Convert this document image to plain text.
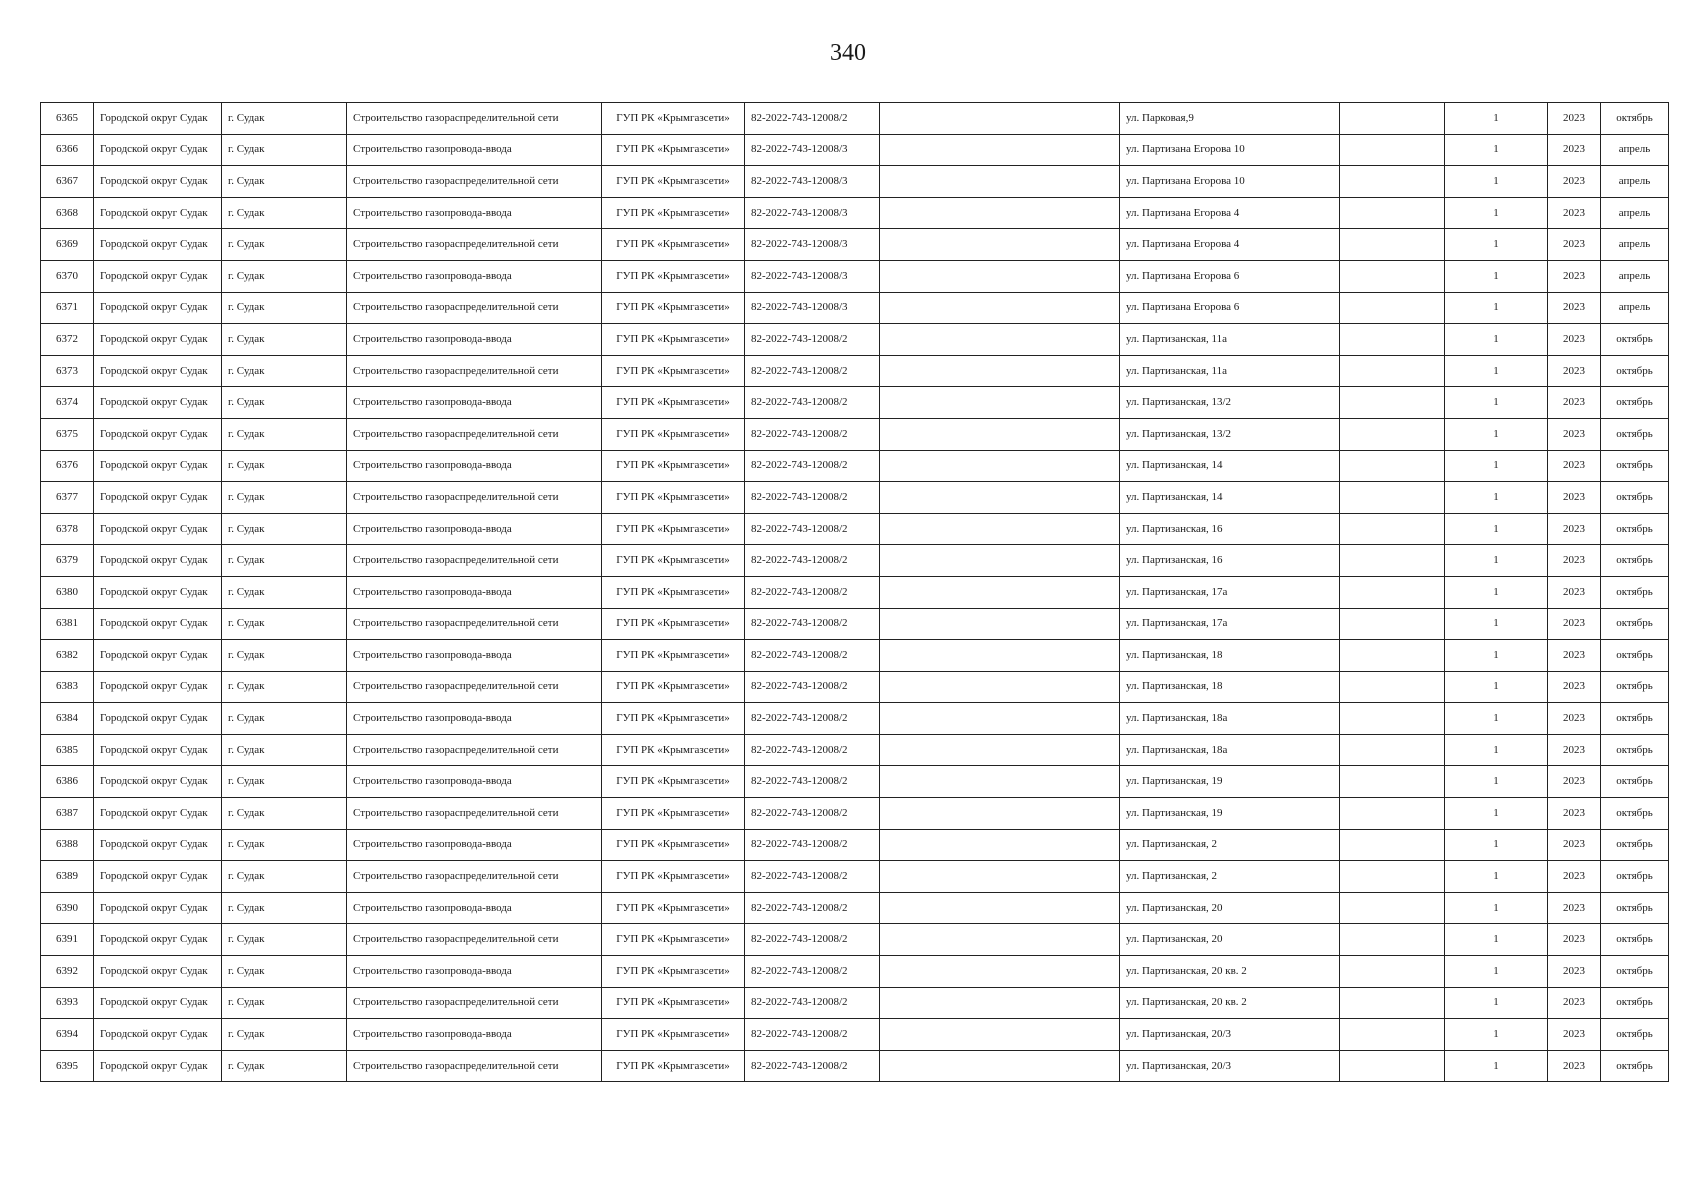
340
6365	Городской округ Судак	г. Судак	Строительство газораспределительной сети	ГУП РК «Крымгазсети»	82-2022-743-12008/2		ул. Парковая,9		1	2023	октябрь
6366	Городской округ Судак	г. Судак	Строительство газопровода-ввода	ГУП РК «Крымгазсети»	82-2022-743-12008/3		ул. Партизана Егорова 10		1	2023	апрель
6367	Городской округ Судак	г. Судак	Строительство газораспределительной сети	ГУП РК «Крымгазсети»	82-2022-743-12008/3		ул. Партизана Егорова 10		1	2023	апрель
6368	Городской округ Судак	г. Судак	Строительство газопровода-ввода	ГУП РК «Крымгазсети»	82-2022-743-12008/3		ул. Партизана Егорова 4		1	2023	апрель
6369	Городской округ Судак	г. Судак	Строительство газораспределительной сети	ГУП РК «Крымгазсети»	82-2022-743-12008/3		ул. Партизана Егорова 4		1	2023	апрель
6370	Городской округ Судак	г. Судак	Строительство газопровода-ввода	ГУП РК «Крымгазсети»	82-2022-743-12008/3		ул. Партизана Егорова 6		1	2023	апрель
6371	Городской округ Судак	г. Судак	Строительство газораспределительной сети	ГУП РК «Крымгазсети»	82-2022-743-12008/3		ул. Партизана Егорова 6		1	2023	апрель
6372	Городской округ Судак	г. Судак	Строительство газопровода-ввода	ГУП РК «Крымгазсети»	82-2022-743-12008/2		ул. Партизанская, 11а		1	2023	октябрь
6373	Городской округ Судак	г. Судак	Строительство газораспределительной сети	ГУП РК «Крымгазсети»	82-2022-743-12008/2		ул. Партизанская, 11а		1	2023	октябрь
6374	Городской округ Судак	г. Судак	Строительство газопровода-ввода	ГУП РК «Крымгазсети»	82-2022-743-12008/2		ул. Партизанская, 13/2		1	2023	октябрь
6375	Городской округ Судак	г. Судак	Строительство газораспределительной сети	ГУП РК «Крымгазсети»	82-2022-743-12008/2		ул. Партизанская, 13/2		1	2023	октябрь
6376	Городской округ Судак	г. Судак	Строительство газопровода-ввода	ГУП РК «Крымгазсети»	82-2022-743-12008/2		ул. Партизанская, 14		1	2023	октябрь
6377	Городской округ Судак	г. Судак	Строительство газораспределительной сети	ГУП РК «Крымгазсети»	82-2022-743-12008/2		ул. Партизанская, 14		1	2023	октябрь
6378	Городской округ Судак	г. Судак	Строительство газопровода-ввода	ГУП РК «Крымгазсети»	82-2022-743-12008/2		ул. Партизанская, 16		1	2023	октябрь
6379	Городской округ Судак	г. Судак	Строительство газораспределительной сети	ГУП РК «Крымгазсети»	82-2022-743-12008/2		ул. Партизанская, 16		1	2023	октябрь
6380	Городской округ Судак	г. Судак	Строительство газопровода-ввода	ГУП РК «Крымгазсети»	82-2022-743-12008/2		ул. Партизанская, 17а		1	2023	октябрь
6381	Городской округ Судак	г. Судак	Строительство газораспределительной сети	ГУП РК «Крымгазсети»	82-2022-743-12008/2		ул. Партизанская, 17а		1	2023	октябрь
6382	Городской округ Судак	г. Судак	Строительство газопровода-ввода	ГУП РК «Крымгазсети»	82-2022-743-12008/2		ул. Партизанская, 18		1	2023	октябрь
6383	Городской округ Судак	г. Судак	Строительство газораспределительной сети	ГУП РК «Крымгазсети»	82-2022-743-12008/2		ул. Партизанская, 18		1	2023	октябрь
6384	Городской округ Судак	г. Судак	Строительство газопровода-ввода	ГУП РК «Крымгазсети»	82-2022-743-12008/2		ул. Партизанская, 18а		1	2023	октябрь
6385	Городской округ Судак	г. Судак	Строительство газораспределительной сети	ГУП РК «Крымгазсети»	82-2022-743-12008/2		ул. Партизанская, 18а		1	2023	октябрь
6386	Городской округ Судак	г. Судак	Строительство газопровода-ввода	ГУП РК «Крымгазсети»	82-2022-743-12008/2		ул. Партизанская, 19		1	2023	октябрь
6387	Городской округ Судак	г. Судак	Строительство газораспределительной сети	ГУП РК «Крымгазсети»	82-2022-743-12008/2		ул. Партизанская, 19		1	2023	октябрь
6388	Городской округ Судак	г. Судак	Строительство газопровода-ввода	ГУП РК «Крымгазсети»	82-2022-743-12008/2		ул. Партизанская, 2		1	2023	октябрь
6389	Городской округ Судак	г. Судак	Строительство газораспределительной сети	ГУП РК «Крымгазсети»	82-2022-743-12008/2		ул. Партизанская, 2		1	2023	октябрь
6390	Городской округ Судак	г. Судак	Строительство газопровода-ввода	ГУП РК «Крымгазсети»	82-2022-743-12008/2		ул. Партизанская, 20		1	2023	октябрь
6391	Городской округ Судак	г. Судак	Строительство газораспределительной сети	ГУП РК «Крымгазсети»	82-2022-743-12008/2		ул. Партизанская, 20		1	2023	октябрь
6392	Городской округ Судак	г. Судак	Строительство газопровода-ввода	ГУП РК «Крымгазсети»	82-2022-743-12008/2		ул. Партизанская, 20 кв. 2		1	2023	октябрь
6393	Городской округ Судак	г. Судак	Строительство газораспределительной сети	ГУП РК «Крымгазсети»	82-2022-743-12008/2		ул. Партизанская, 20 кв. 2		1	2023	октябрь
6394	Городской округ Судак	г. Судак	Строительство газопровода-ввода	ГУП РК «Крымгазсети»	82-2022-743-12008/2		ул. Партизанская, 20/3		1	2023	октябрь
6395	Городской округ Судак	г. Судак	Строительство газораспределительной сети	ГУП РК «Крымгазсети»	82-2022-743-12008/2		ул. Партизанская, 20/3		1	2023	октябрь
